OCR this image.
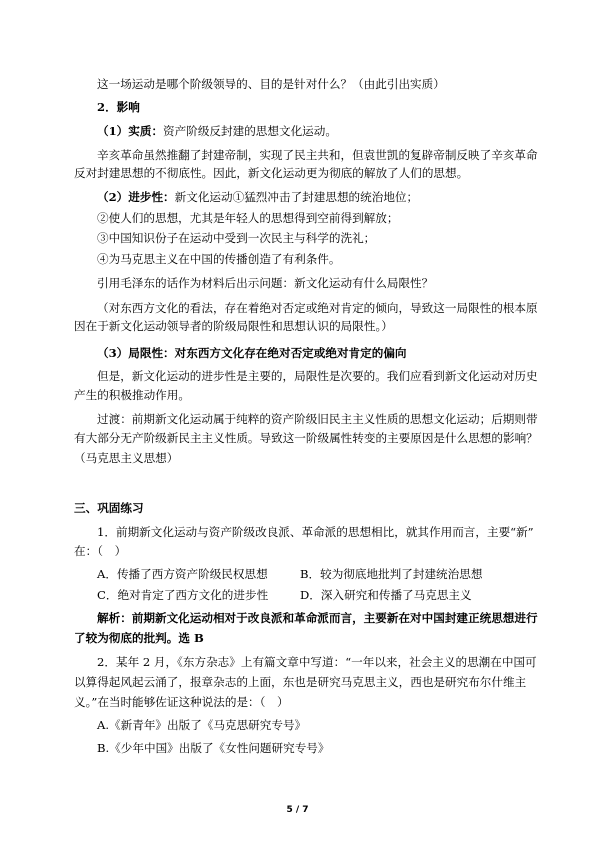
这一场运动是哪个阶级领导的、目的是针对什么？（由此引出实质）
2．影响
（1）实质：资产阶级反封建的思想文化运动。
辛亥革命虽然推翻了封建帝制，实现了民主共和，但袁世凯的复辟帝制反映了辛亥革命
反对封建思想的不彻底性。因此，新文化运动更为彻底的解放了人们的思想。
（2）进步性：新文化运动①猛烈冲击了封建思想的统治地位；
②使人们的思想，尤其是年轻人的思想得到空前得到解放；
③中国知识份子在运动中受到一次民主与科学的洗礼；
④为马克思主义在中国的传播创造了有利条件。
引用毛泽东的话作为材料后出示问题：新文化运动有什么局限性？
（对东西方文化的看法，存在着绝对否定或绝对肯定的倾向，导致这一局限性的根本原
因在于新文化运动领导者的阶级局限性和思想认识的局限性。）
（3）局限性：对东西方文化存在绝对否定或绝对肯定的偏向
但是，新文化运动的进步性是主要的，局限性是次要的。我们应看到新文化运动对历史
产生的积极推动作用。
过渡：前期新文化运动属于纯粹的资产阶级旧民主主义性质的思想文化运动；后期则带
有大部分无产阶级新民主主义性质。导致这一阶级属性转变的主要原因是什么思想的影响？
（马克思主义思想）
三、巩固练习
1．前期新文化运动与资产阶级改良派、革命派的思想相比，就其作用而言，主要“新”
在：（　）
A．传播了西方资产阶级民权思想	B．较为彻底地批判了封建统治思想
C．绝对肯定了西方文化的进步性	D．深入研究和传播了马克思主义
解析：前期新文化运动相对于改良派和革命派而言，主要新在对中国封建正统思想进行
了较为彻底的批判。选 B
2．某年 2 月，《东方杂志》上有篇文章中写道：“一年以来，社会主义的思潮在中国可
以算得起风起云涌了，报章杂志的上面，东也是研究马克思主义，西也是研究布尔什维主
义。”在当时能够佐证这种说法的是：（　）
A.《新青年》出版了《马克思研究专号》
B.《少年中国》出版了《女性问题研究专号》
5 / 7
